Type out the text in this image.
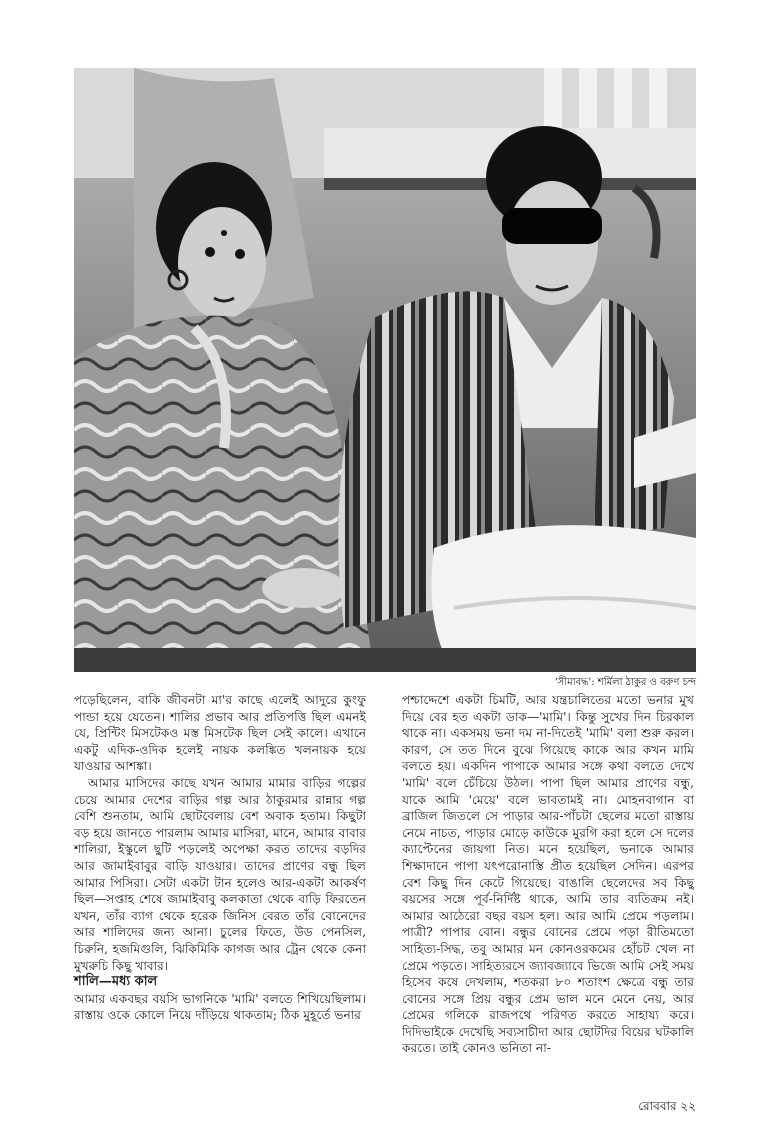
'সীমাবদ্ধ': শর্মিলা ঠাকুর ও বরুণ চন্দ

পড়েছিলেন, বাকি জীবনটা মা'র কাছে এলেই আদুরে কুংফু পান্ডা হয়ে যেতেন। শালির প্রভাব আর প্রতিপত্তি ছিল এমনই যে, প্রিন্টিং মিসটেকও মস্ত মিসটেক ছিল সেই কালে। এখানে একটু এদিক-ওদিক হলেই নায়ক কলঙ্কিত খলনায়ক হয়ে যাওয়ার আশঙ্কা।

আমার মাসিদের কাছে যখন আমার মামার বাড়ির গল্পের চেয়ে আমার দেশের বাড়ির গল্প আর ঠাকুরমার রান্নার গল্প বেশি শুনতাম, আমি ছোটবেলায় বেশ অবাক হতাম। কিছুটা বড় হয়ে জানতে পারলাম আমার মাসিরা, মানে, আমার বাবার শালিরা, ইস্কুলে ছুটি পড়লেই অপেক্ষা করত তাদের বড়দির আর জামাইবাবুর বাড়ি যাওয়ার। তাদের প্রাণের বন্ধু ছিল আমার পিসিরা। সেটা একটা টান হলেও আর-একটা আকর্ষণ ছিল—সপ্তাহ শেষে জামাইবাবু কলকাতা থেকে বাড়ি ফিরতেন যখন, তাঁর ব্যাগ থেকে হরেক জিনিস বেরত তাঁর বোনেদের আর শালিদের জন্য আনা। চুলের ফিতে, উড পেনসিল, চিরুনি, হজমিগুলি, ঝিকিমিকি কাগজ আর ট্রেন থেকে কেনা মুখরুচি কিছু খাবার।

শালি—মধ্য কাল

আমার একবছর বয়সি ভাগনিকে 'মামি' বলতে শিখিয়েছিলাম। রাস্তায় ওকে কোলে নিয়ে দাঁড়িয়ে থাকতাম; ঠিক মুহূর্তে ভনার

পশ্চাদ্দেশে একটা চিমটি, আর যন্ত্রচালিতের মতো ভনার মুখ দিয়ে বের হত একটা ডাক—'মামি'। কিন্তু সুখের দিন চিরকাল থাকে না। একসময় ভনা দম না-দিতেই 'মামি' বলা শুরু করল। কারণ, সে তত দিনে বুঝে গিয়েছে কাকে আর কখন মামি বলতে হয়। একদিন পাপাকে আমার সঙ্গে কথা বলতে দেখে 'মামি' বলে চেঁচিয়ে উঠল। পাপা ছিল আমার প্রাণের বন্ধু, যাকে আমি 'মেয়ে' বলে ভাবতামই না। মোহনবাগান বা ব্রাজিল জিতলে সে পাড়ার আর-পাঁচটা ছেলের মতো রাস্তায় নেমে নাচত, পাড়ার মোড়ে কাউকে মুরগি করা হলে সে দলের ক্যাপ্টেনের জায়গা নিত। মনে হয়েছিল, ভনাকে আমার শিক্ষাদানে পাপা যৎপরোনাস্তি প্রীত হয়েছিল সেদিন। এরপর বেশ কিছু দিন কেটে গিয়েছে। বাঙালি ছেলেদের সব কিছু বয়সের সঙ্গে পূর্ব-নির্দিষ্ট থাকে, আমি তার ব্যতিক্রম নই। আমার আঠেরো বছর বয়স হল। আর আমি প্রেমে পড়লাম। পাত্রী? পাপার বোন। বন্ধুর বোনের প্রেমে পড়া রীতিমতো সাহিত্য-সিদ্ধ, তবু আমার মন কোনওরকমের হোঁচট খেল না প্রেমে পড়তে। সাহিত্যরসে জ্যাবজ্যাবে ভিজে আমি সেই সময় হিসেব কষে দেখলাম, শতকরা ৮০ শতাংশ ক্ষেত্রে বন্ধু তার বোনের সঙ্গে প্রিয় বন্ধুর প্রেম ভাল মনে মেনে নেয়, আর প্রেমের গলিকে রাজপথে পরিণত করতে সাহায্য করে। দিদিভাইকে দেখেছি সব্যসাচীদা আর ছোটদির বিয়ের ঘটকালি করতে। তাই কোনও ভনিতা না-

রোববার ২২
